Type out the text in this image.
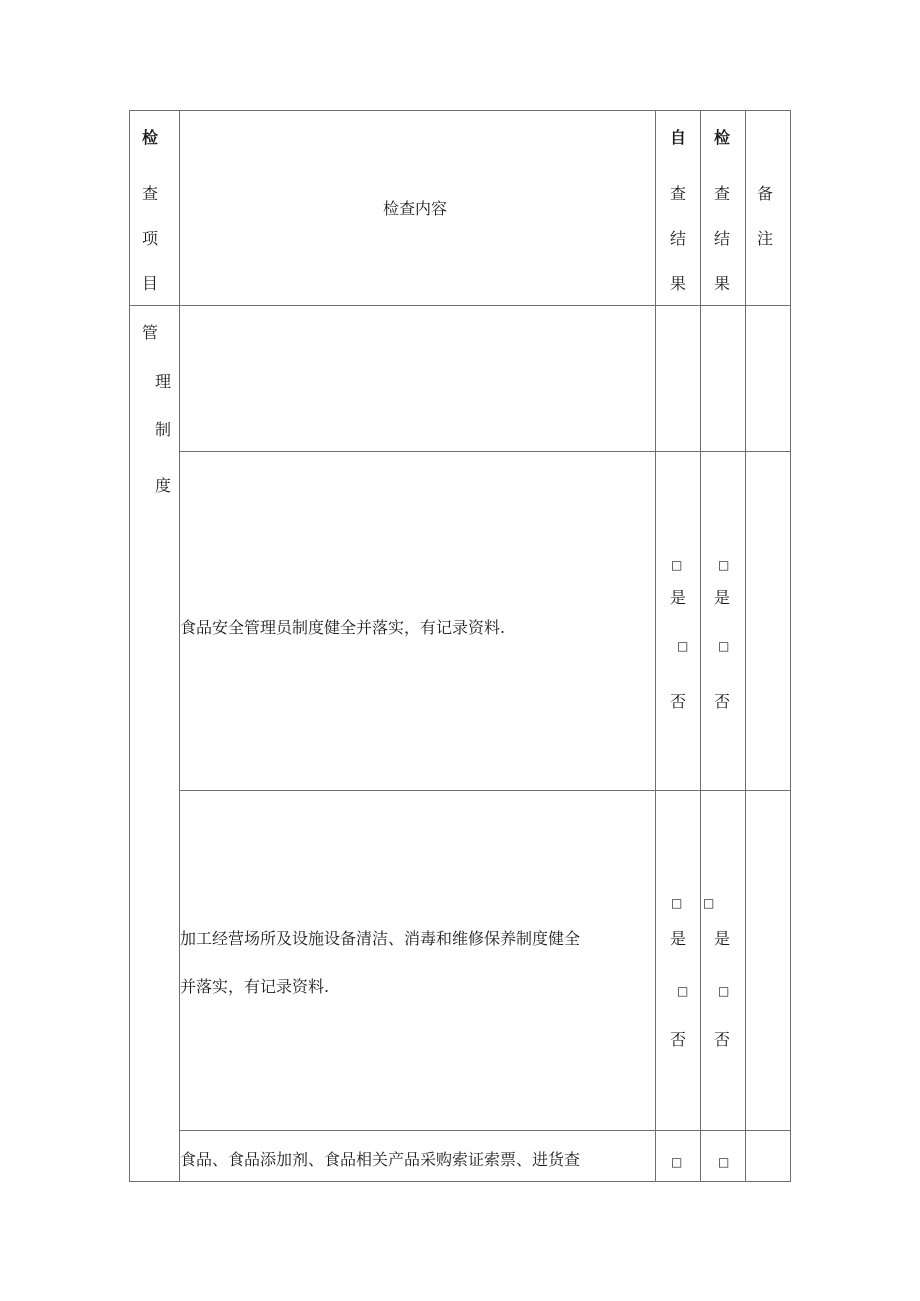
检
查
项
目
检查内容
自
查
结
果
检
查
结
果
备
注
管
理
制
度
食品安全管理员制度健全并落实，有记录资料.
□
是
□
否
□
是
□
否
加工经营场所及设施设备清洁、消毒和维修保养制度健全
并落实，有记录资料.
□
是
□
否
□
是
□
否
食品、食品添加剂、食品相关产品采购索证索票、进货查	□	□
